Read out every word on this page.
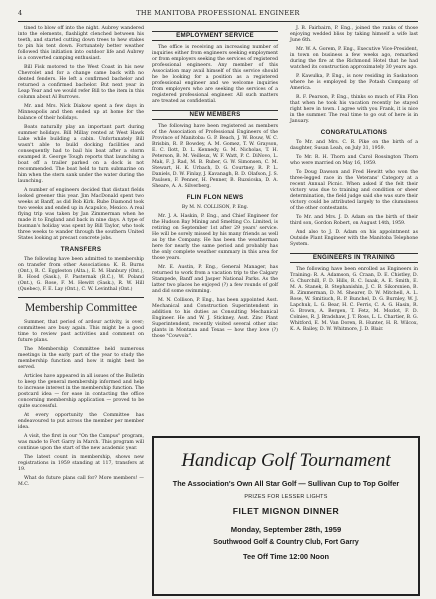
4	THE MANITOBA PROFESSIONAL ENGINEER

tined to blow off into the night. Aubrey wandered into the elements, flashlight clenched between his teeth, and started cutting down trees to hew stakes to pin his tent down. Fortunately better weather followed this initiation into outdoor life and Aubrey is a converted camping enthusiast.

Bill Fisk motored to the West Coast in his new Chevrolet and for a change came back with no dented fenders. He left a confirmed bachelor and returned a confirmed bachelor. But next year in Leap Year and we would refer Bill to the item in this column about Al Burrows.

Mr. and Mrs. Nick Diakow spent a few days in Minneapolis and then ended up at home for the balance of their holidays.

Boats naturally play an important part during summer holidays. Bill Millay rented at West Hawk Lake while building a cabin. Unfortunately Bill wasn't able to build docking facilities and consequently had to bail his boat after a storm swamped it. George Tough reports that launching a boat off a trailer parked on a dock is not recommended. The boat held to turn submarine on him when the stern sank under the water during the launching.

A number of engineers decided that distant fields looked greener this year. Jim MacDonald spent two weeks at Banff, as did Bob Kirk. Rube Diamond took two weeks and ended up in Acapulco, Mexico. A real flying trip was taken by Jan Zimmerman when he made it to England and back in nine days. A type of busman's holiday was spent by Bill Taylor, who took three weeks to wander through the southern United States looking at precast concrete jobs.

TRANSFERS

The following have been admitted to membership on transfer from other Associations: K. R. Burns (Ont.), R. C. Eggleston (Alta.), E. M. Hanbury (Ont.), R. Hood (Sask.), F. Pasternak (B.C.), W. Poland (Ont.), G. Rose, F. M. Hewitt (Sask.), R. W. Hill (Quebec), F. E. Lay (Ont.), C. W. Levinthal (Ont.)

Membership Committee

Summer, that period of ardour activity, is over; committees are busy again. This might be a good time to review past activities and comment on future plans.

The Membership Committee held numerous meetings in the early part of the year to study the membership function and how it might best be served.

Articles have appeared in all issues of the Bulletin to keep the general membership informed and help to increase interest in the membership function. The postcard idea — for ease in contacting the office concerning membership application — proved to be quite successful.

At every opportunity the Committee has endeavoured to put across the member per member idea.

A visit, the first in our "On the Campus" program, was made to Fort Garry in March. This program will continue upon the start of the new academic year.

The latest count in membership, shows new registrations in 1959 standing at 117, transfers at 19.

What do future plans call for? More members! — M.C.

EMPLOYMENT SERVICE

The office is receiving an increasing number of inquiries either from engineers seeking employment or from employers seeking the services of registered professional engineers. Any member of this Association may avail himself of this service should he be looking for a position as a registered professional engineer and we welcome inquiries from employers who are seeking the services of a registered professional engineer. All such matters are treated as confidential.

NEW MEMBERS

The following have been registered as members of the Association of Professional Engineers of the Province of Manitoba: G. P. Beach, J. W. Bouw, W. C. Brisbin, R. P. Bowdey, A. M. Gomez, T. W. Grayson, E. C. Ilott, D. L. Kennedy, G. M. Nicholas, T. H. Peterson, B. M. Veilleux, W. F. Watt, P. C. DiNovo, L. Mak, F. J. Rad, M. B. Ruber, G. W. Simonsen, C. M. Stewart, H. K. Urbach, D. G. Courtney, R. P. L. Daniels, D. W. Finlay, J. Kavanagh, B. D. Olafson, J. S. Paulsen, F. Penner, H. Penner, B. Ruzsicska, D. A. Sheare, A. A. Silverberg.

FLIN FLON NEWS
By M. N. COLLISON, P. Eng.

Mr. J. A. Haskin, P. Eng., and Chief Engineer for the Hudson Bay Mining and Smelting Co. Limited, is retiring on September 1st after 29 years' service. He will be sorely missed by his many friends as well as by the Company. He has been the weatherman here for nearly the same period and probably has the only complete weather summary in this area for those years.

Mr. E. Austin, P. Eng., General Manager, has returned to work from a vacation trip to the Calgary Stampede, Banff and Jasper National Parks. As the latter two places he enjoyed (?) a few rounds of golf and did some swimming.

M. N. Collison, P. Eng., has been appointed Asst. Mechanical and Construction Superintendent in addition to his duties as Consulting Mechanical Engineer. He and W. J. Stickney, Asst. Zinc Plant Superintendent, recently visited several other zinc plants in Montana and Texas — how they love (?) those "Cowvoix".

J. B. Fairbairn, P. Eng., joined the ranks of those enjoying wedded bliss by taking himself a wife last June 6th.

Mr. W. A. Gorem, P. Eng., Executive Vice-President, in town on business a few weeks ago, remarked during the fire at the Richmond Hotel that he had watched its construction approximately 30 years ago.

P. Kawulka, P. Eng., is now residing in Saskatoon where he is employed by the Potash Company of America.

R. F. Pearson, P. Eng., thinks so much of Flin Flon that when he took his vacation recently he stayed right here in town. I agree with you Frank, it is nice in the summer. The real time to go out of here is in January.

CONGRATULATIONS

To Mr. and Mrs. C. R. Pike on the birth of a daughter, Susan Leah, on July 31, 1959.

To Mr. R. H. Thorn and Carol Rossington Thorn who were married on May 16, 1959.

To Doug Dawson and Fred Hewitt who won the three-legged race in the Veterans' Category at a recent Annual Picnic. When asked if the felt their victory was due to training and condition or sheer determination, the field judge said she was sure their victory could be attributed largely to the clumsiness of the other contestants.

To Mr. and Mrs. J. D. Adam on the birth of their third son, Gordon Robert, on August 14th, 1959.

And also to J. D. Adam on his appointment as Outside Plant Engineer with the Manitoba Telephone System.

ENGINEERS IN TRAINING

The following have been enrolled as Engineers in Training: R. A. Adamson, G. Craan, D. E. Chistley, D. G. Churchill, F. D. Hills, R. C. Isaak, A. E. Smith, E. M. A. Stanek, B. Stephanishin, J. C. B. Sikorsnien, B. R. Zimmerman, D. M. Shearer, D. W. Mitchell, A. L. Rose, W. Smitiuch, R. P. Bunchel, D. G. Burnley, W. J. Lapchuk, L. G. Bear, H. C. Ferris, C. A. G. Hasin, R. G. Brown, A. Bergen, T. Fetz, M. Mozlot, F. D. Colnies, R. J. Bradshaw, J. T. Ross, L. L. Chartier, B. G. Whitford, E. M. Van Doren, R. Hunter, H. R. Wilcox, K. A. Bailey, D. W. Whitmore, J. D. Blair.

Handicap Golf Tournament
The Association's Own All Star Golf — Sullivan Cup to Top Golfer
PRIZES FOR LESSER LIGHTS
FILET MIGNON DINNER
Monday, September 28th, 1959
Southwood Golf & Country Club, Fort Garry
Tee Off Time 12:00 Noon
